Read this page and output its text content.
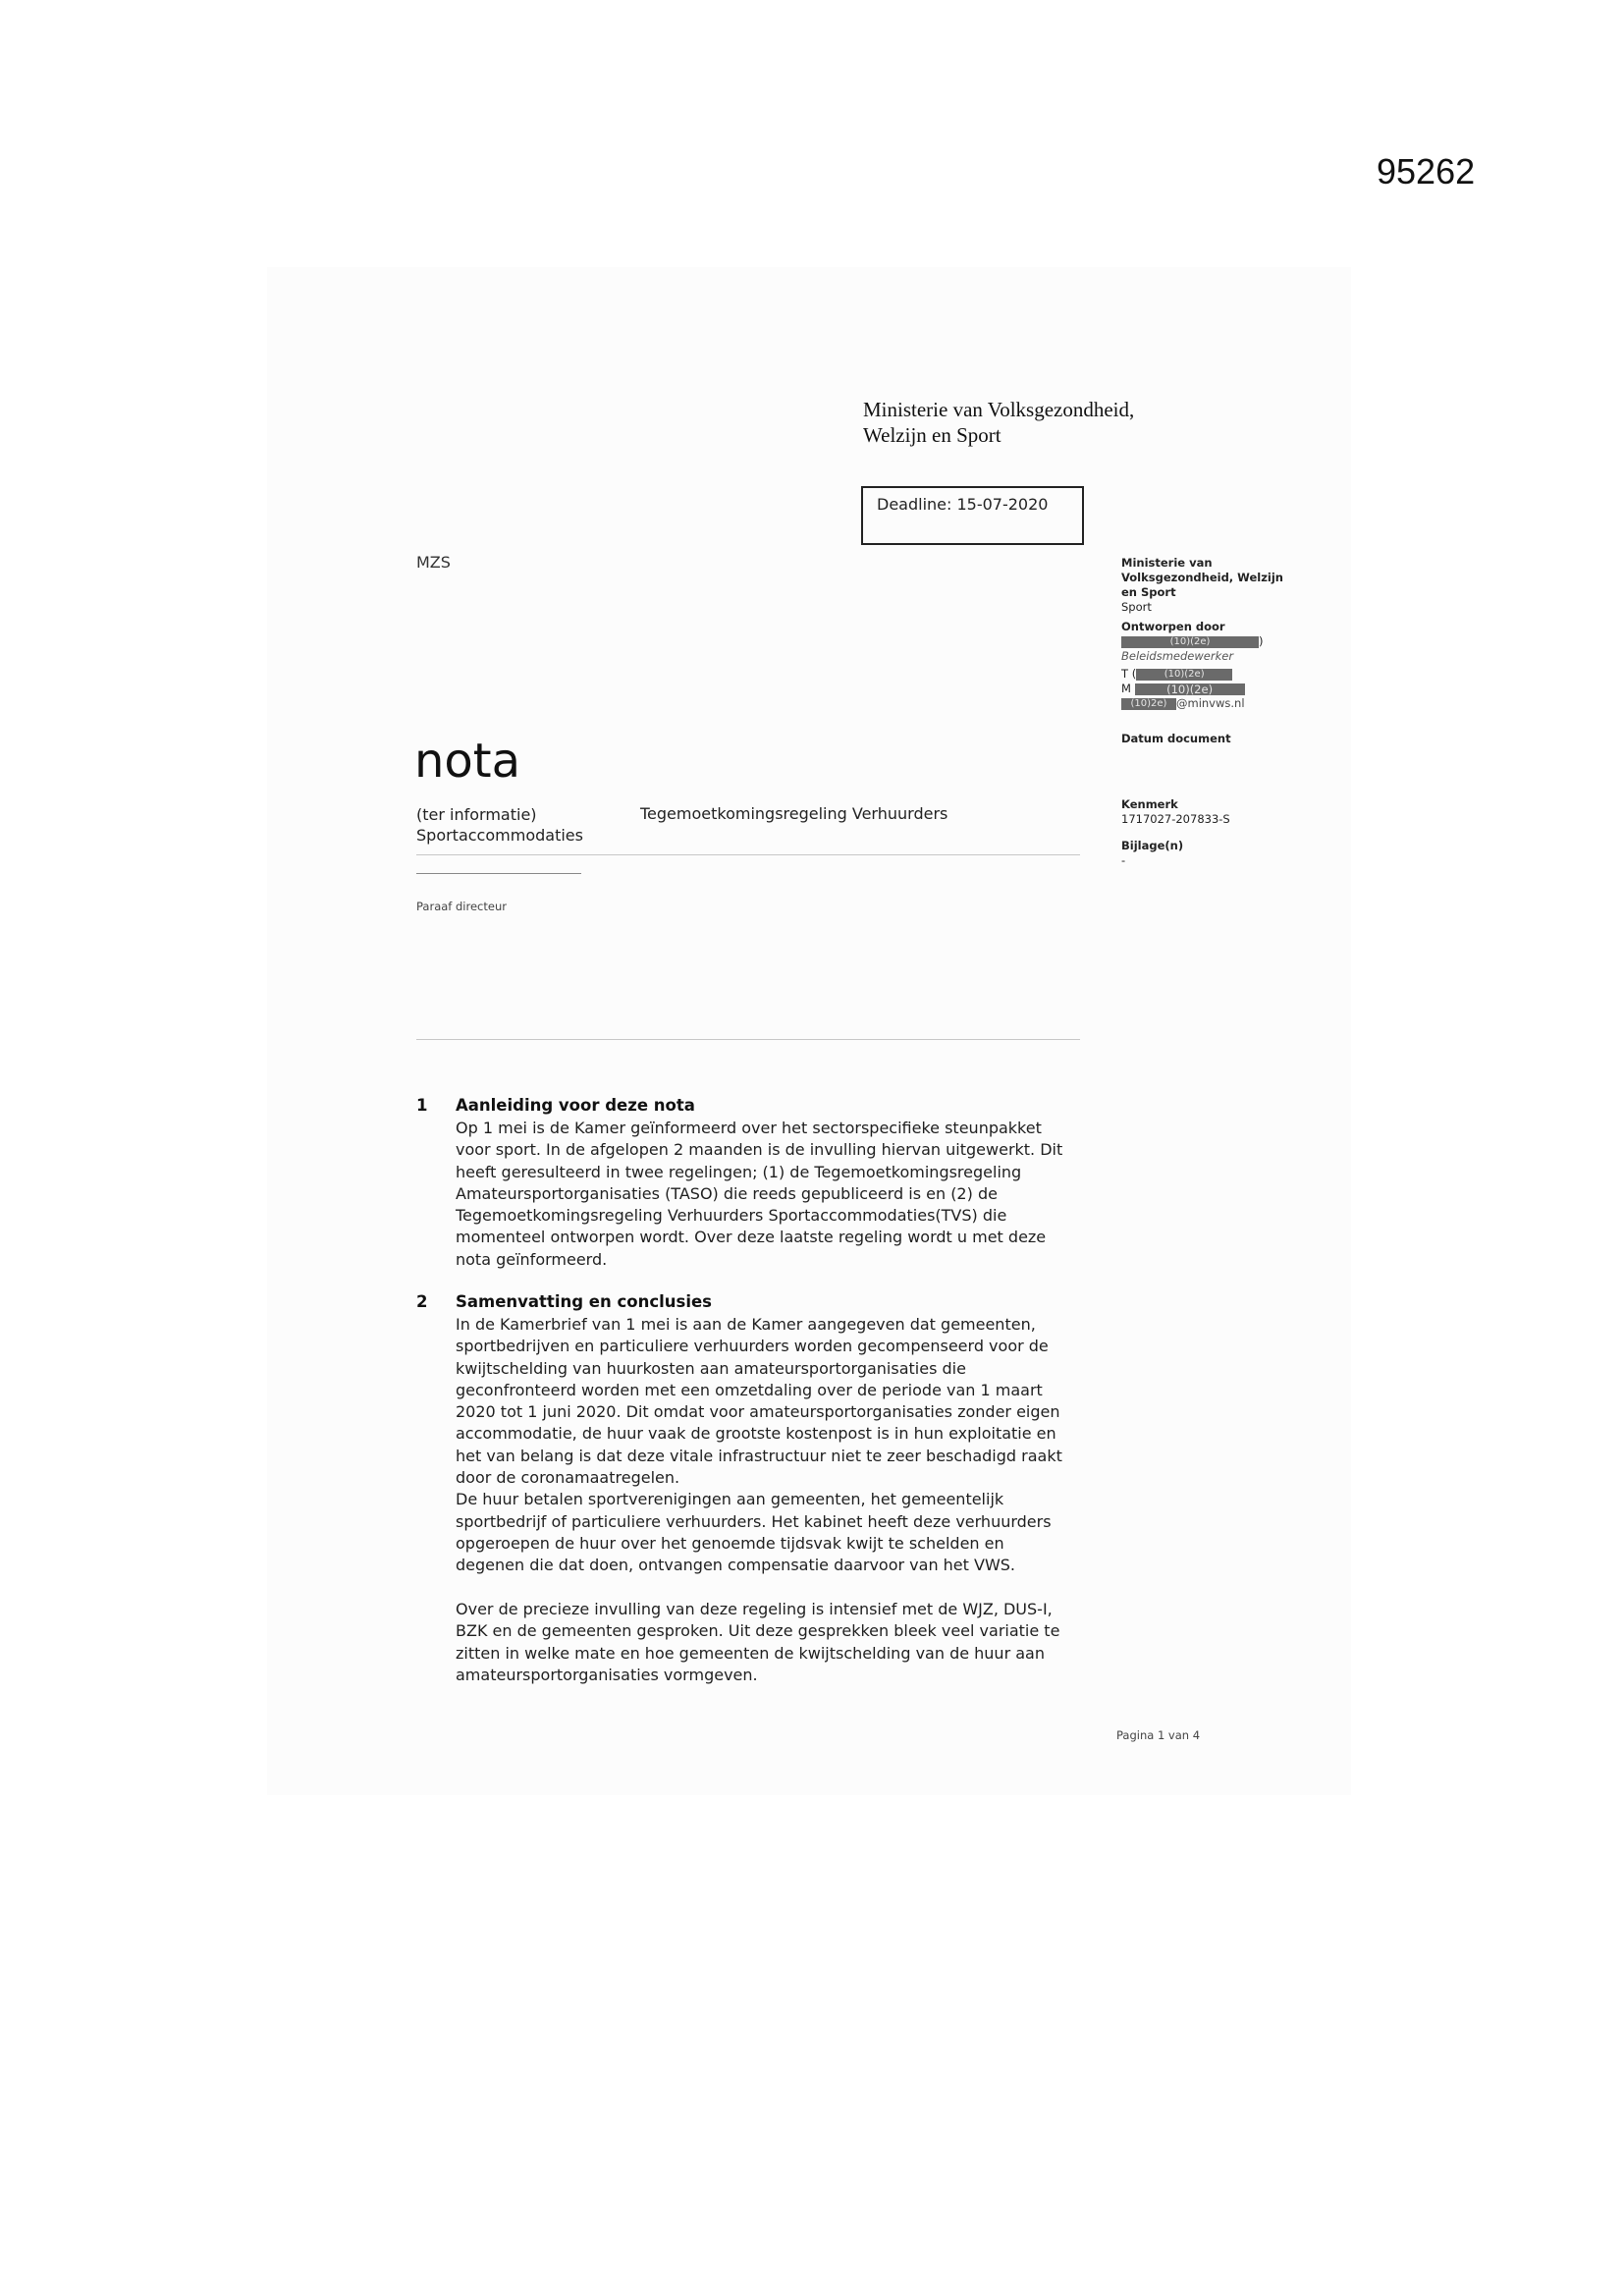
95262
Ministerie van Volksgezondheid,
Welzijn en Sport
Deadline: 15-07-2020
MZS	Ministerie van
Volksgezondheid, Welzijn
en Sport
Sport
Ontworpen door
(10)(2e)	)
Beleidsmedewerker
T (	(10)(2e)
M	(10)(2e)
(10)2e) @minvws.nl
Datum document
Kenmerk
1717027-207833-S
Bijlage(n)
-
nota
(ter informatie)
Sportaccommodaties
Tegemoetkomingsregeling Verhuurders
Paraaf directeur
1 Aanleiding voor deze nota
Op 1 mei is de Kamer geïnformeerd over het sectorspecifieke steunpakket
voor sport. In de afgelopen 2 maanden is de invulling hiervan uitgewerkt. Dit
heeft geresulteerd in twee regelingen; (1) de Tegemoetkomingsregeling
Amateursportorganisaties (TASO) die reeds gepubliceerd is en (2) de
Tegemoetkomingsregeling Verhuurders Sportaccommodaties(TVS) die
momenteel ontworpen wordt. Over deze laatste regeling wordt u met deze
nota geïnformeerd.
2 Samenvatting en conclusies
In de Kamerbrief van 1 mei is aan de Kamer aangegeven dat gemeenten,
sportbedrijven en particuliere verhuurders worden gecompenseerd voor de
kwijtschelding van huurkosten aan amateursportorganisaties die
geconfronteerd worden met een omzetdaling over de periode van 1 maart
2020 tot 1 juni 2020. Dit omdat voor amateursportorganisaties zonder eigen
accommodatie, de huur vaak de grootste kostenpost is in hun exploitatie en
het van belang is dat deze vitale infrastructuur niet te zeer beschadigd raakt
door de coronamaatregelen.
De huur betalen sportverenigingen aan gemeenten, het gemeentelijk
sportbedrijf of particuliere verhuurders. Het kabinet heeft deze verhuurders
opgeroepen de huur over het genoemde tijdsvak kwijt te schelden en
degenen die dat doen, ontvangen compensatie daarvoor van het VWS.
Over de precieze invulling van deze regeling is intensief met de WJZ, DUS-I,
BZK en de gemeenten gesproken. Uit deze gesprekken bleek veel variatie te
zitten in welke mate en hoe gemeenten de kwijtschelding van de huur aan
amateursportorganisaties vormgeven.
Pagina 1 van 4
